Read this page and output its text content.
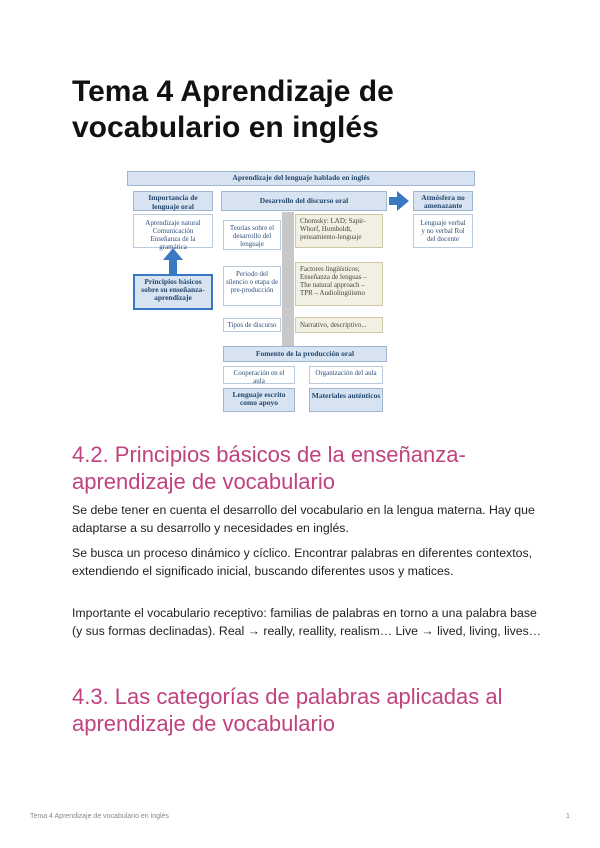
Tema 4 Aprendizaje de vocabulario en inglés
Aprendizaje del lenguaje hablado en inglés
Importancia de lenguaje oral
Aprendizaje natural Comunicación Enseñanza de la gramática
Principios básicos sobre su enseñanza-aprendizaje
Desarrollo del discurso oral	Atmósfera no amenazante
Lenguaje verbal y no verbal Rol del docente
Teorías sobre el desarrollo del lenguaje
Chomsky: LAD; Sapir-Whorf, Humboldt, pensamiento-lenguaje
Periodo del silencio o etapa de pre-producción
Factores lingüísticos; Enseñanza de lenguas – The natural approach – TPR – Audiolingüismo
Tipos de discurso	Narrativo, descriptivo...
Fomento de la producción oral
Cooperación en el aula
Organización del aula
Lenguaje escrito como apoyo
Materiales auténticos
4.2. Principios básicos de la enseñanza-aprendizaje de vocabulario

Se debe tener en cuenta el desarrollo del vocabulario en la lengua materna. Hay que adaptarse a su desarrollo y necesidades en inglés.

Se busca un proceso dinámico y cíclico. Encontrar palabras en diferentes contextos, extendiendo el significado inicial, buscando diferentes usos y matices.

Importante el vocabulario receptivo: familias de palabras en torno a una palabra base (y sus formas declinadas). Real → really, reallity, realism… Live → lived, living, lives…

4.3. Las categorías de palabras aplicadas al aprendizaje de vocabulario
Tema 4 Aprendizaje de vocabulario en inglés	1
